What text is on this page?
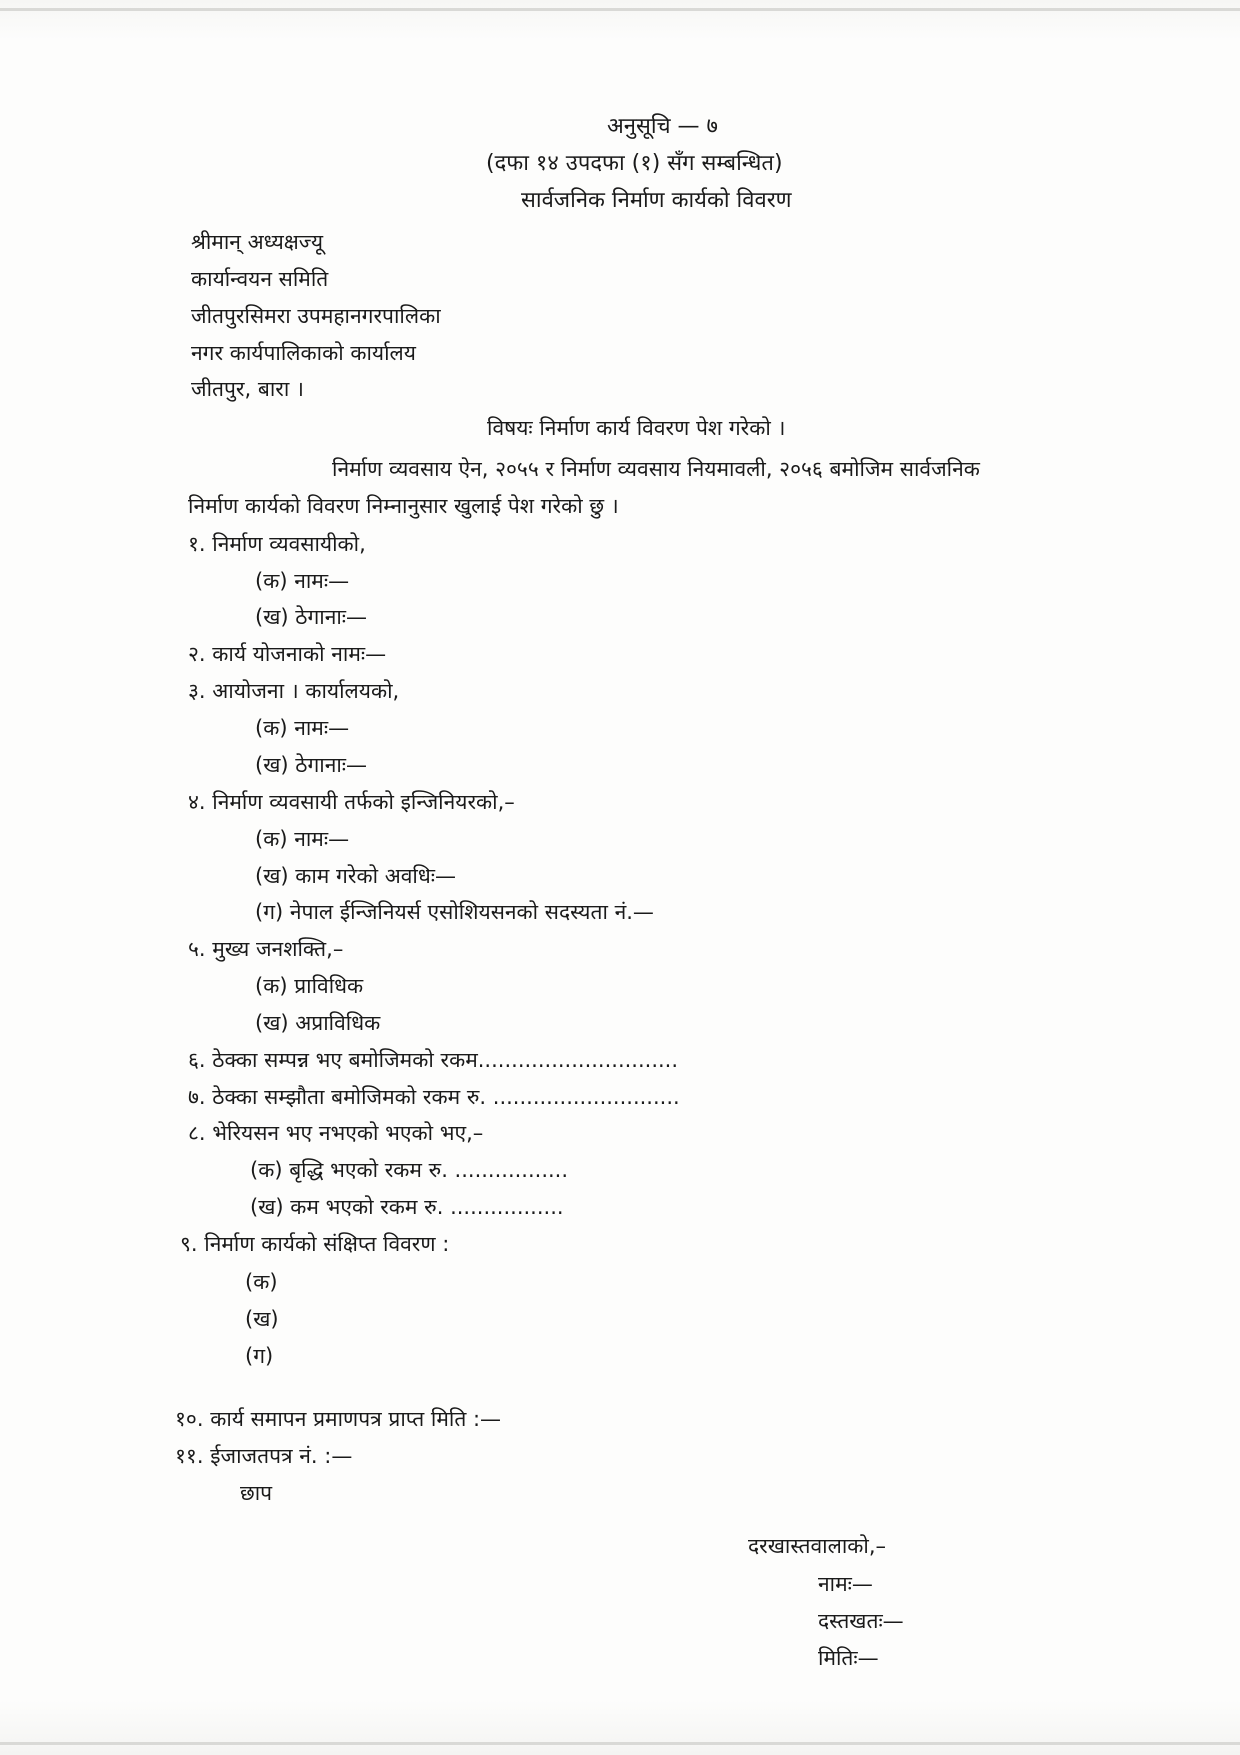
अनुसूचि — ७
(दफा १४ उपदफा (१) सँग सम्बन्धित)
सार्वजनिक निर्माण कार्यको विवरण
श्रीमान् अध्यक्षज्यू
कार्यान्वयन समिति
जीतपुरसिमरा उपमहानगरपालिका
नगर कार्यपालिकाको कार्यालय
जीतपुर, बारा ।
विषयः निर्माण कार्य विवरण पेश गरेको ।
निर्माण व्यवसाय ऐन, २०५५ र निर्माण व्यवसाय नियमावली, २०५६ बमोजिम सार्वजनिक
निर्माण कार्यको विवरण निम्नानुसार खुलाई पेश गरेको छु ।
१. निर्माण व्यवसायीको,
(क) नामः—
(ख) ठेगानाः—
२. कार्य योजनाको नामः—
३. आयोजना । कार्यालयको,
(क) नामः—
(ख) ठेगानाः—
४. निर्माण व्यवसायी तर्फको इन्जिनियरको,–
(क) नामः—
(ख) काम गरेको अवधिः—
(ग) नेपाल ईन्जिनियर्स एसोशियसनको सदस्यता नं.—
५. मुख्य जनशक्ति,–
(क) प्राविधिक
(ख) अप्राविधिक
६. ठेक्का सम्पन्न भए बमोजिमको रकम..............................
७. ठेक्का सम्झौता बमोजिमको रकम रु. ............................
८. भेरियसन भए नभएको भएको भए,–
(क) बृद्धि भएको रकम रु. .................
(ख) कम भएको रकम रु. .................
९. निर्माण कार्यको संक्षिप्त विवरण :
(क)
(ख)
(ग)
१०. कार्य समापन प्रमाणपत्र प्राप्त मिति :—
११. ईजाजतपत्र नं. :—
छाप
दरखास्तवालाको,–
नामः—
दस्तखतः—
मितिः—
